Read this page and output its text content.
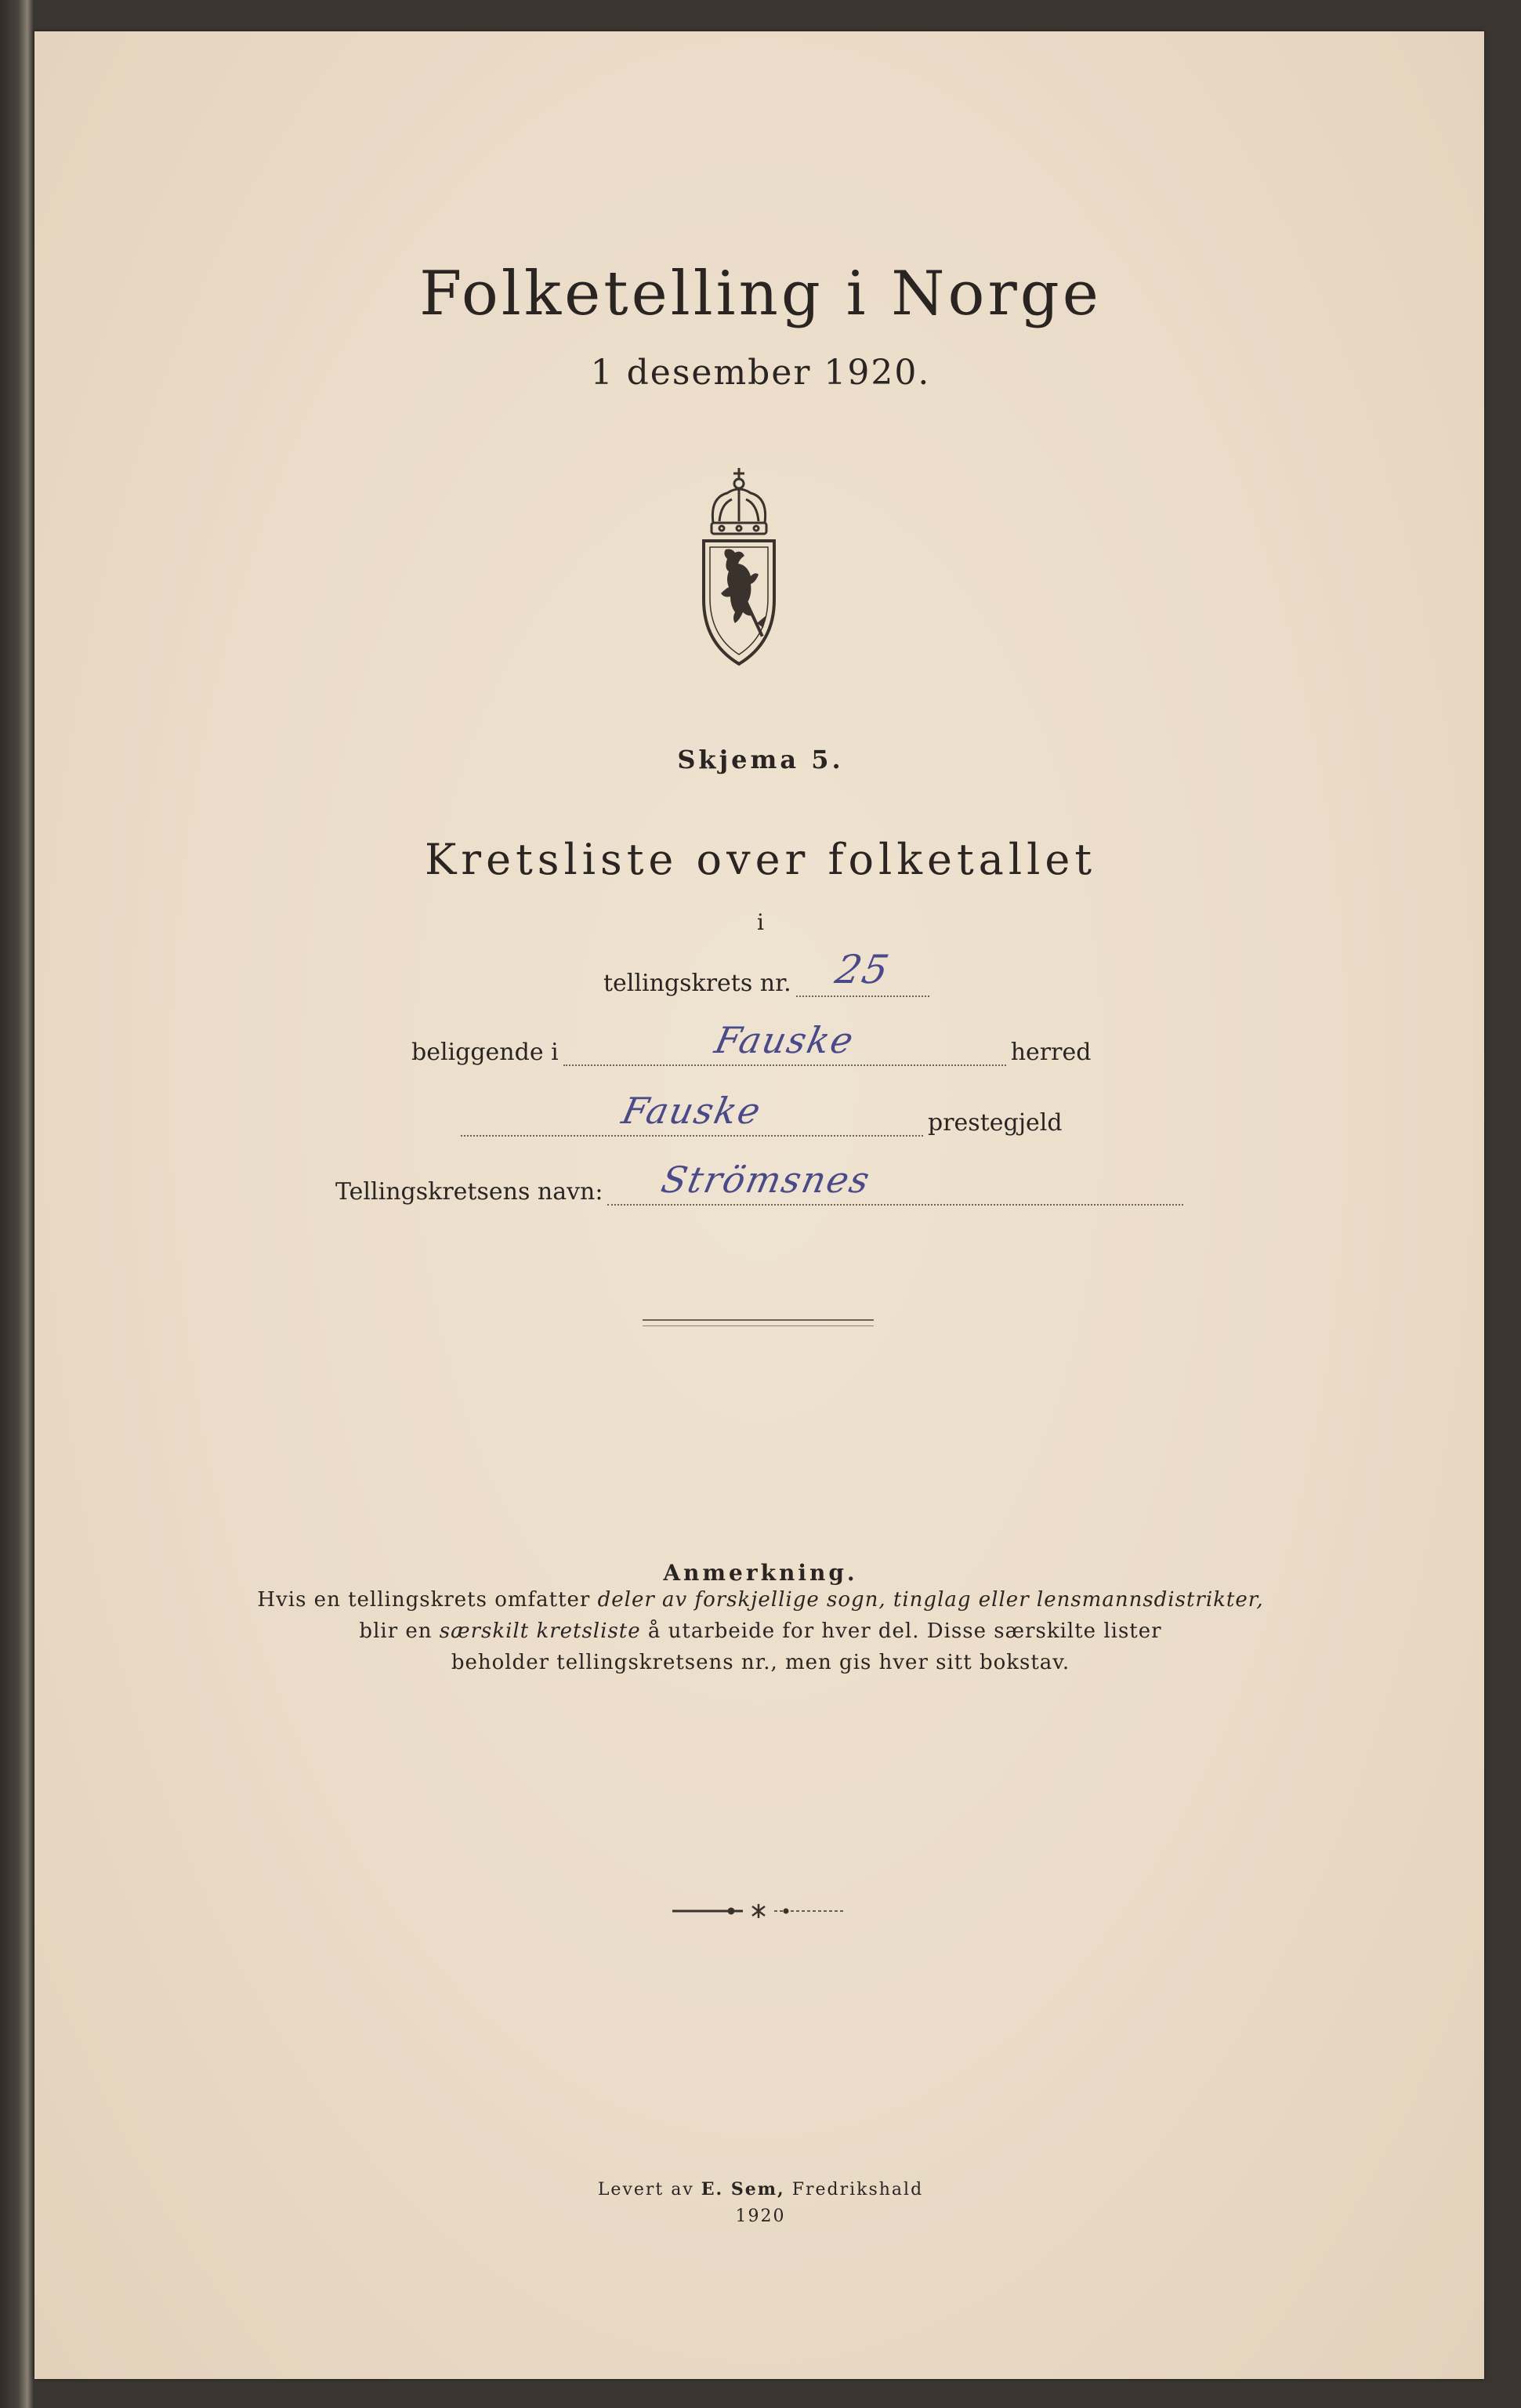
Folketelling i Norge
1 desember 1920.
Skjema 5.
Kretsliste over folketallet
i
tellingskrets nr.	25
beliggende i	Fauske	herred
Fauske	prestegjeld
Tellingskretsens navn:	Strömsnes
Anmerkning.
Hvis en tellingskrets omfatter deler av forskjellige sogn, tinglag eller lensmannsdistrikter,
blir en særskilt kretsliste å utarbeide for hver del. Disse særskilte lister
beholder tellingskretsens nr., men gis hver sitt bokstav.
Levert av E. Sem, Fredrikshald
1920
